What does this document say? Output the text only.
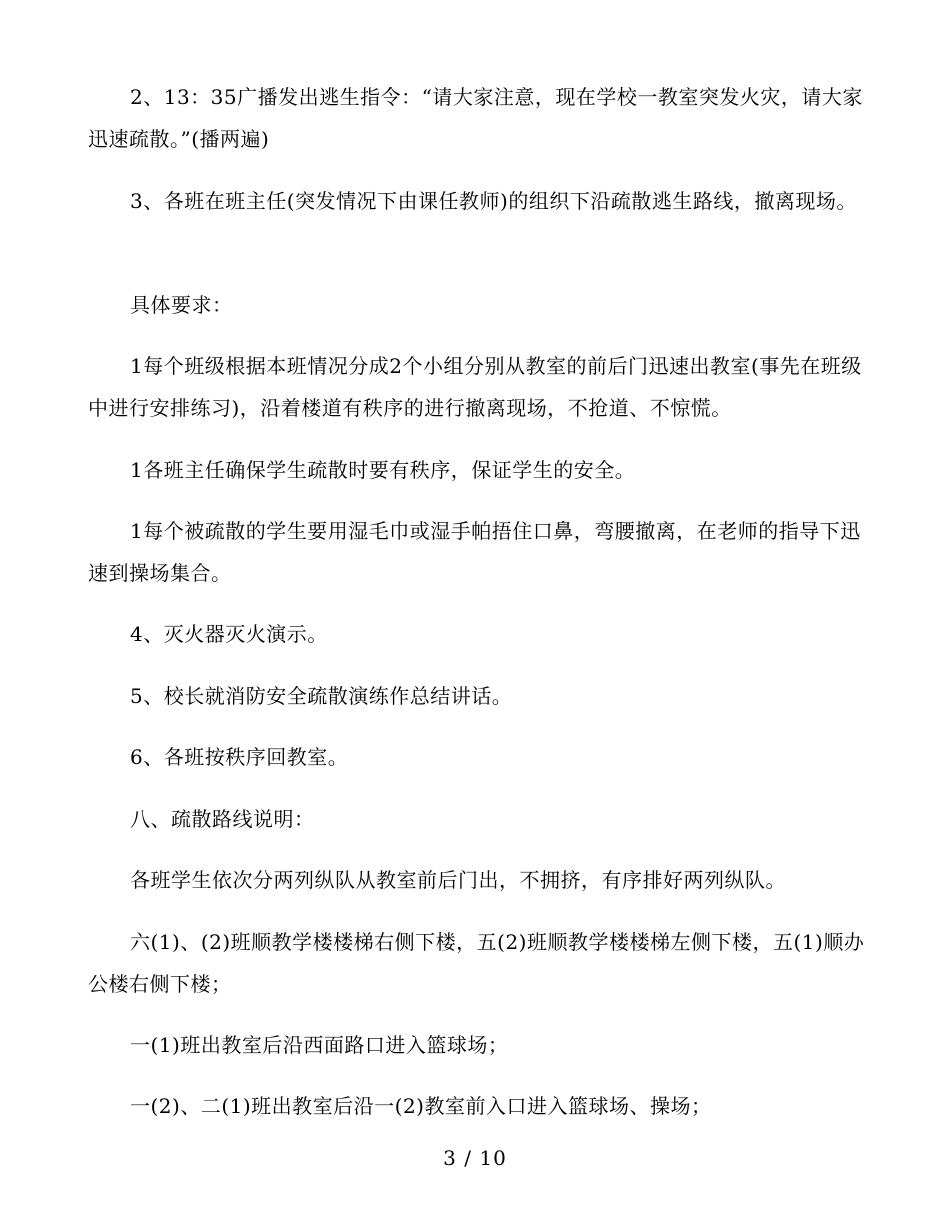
2、13：35广播发出逃生指令：“请大家注意，现在学校一教室突发火灾，请大家迅速疏散。”(播两遍)

3、各班在班主任(突发情况下由课任教师)的组织下沿疏散逃生路线，撤离现场。

具体要求：

1每个班级根据本班情况分成2个小组分别从教室的前后门迅速出教室(事先在班级中进行安排练习)，沿着楼道有秩序的进行撤离现场，不抢道、不惊慌。

1各班主任确保学生疏散时要有秩序，保证学生的安全。

1每个被疏散的学生要用湿毛巾或湿手帕捂住口鼻，弯腰撤离，在老师的指导下迅速到操场集合。

4、灭火器灭火演示。

5、校长就消防安全疏散演练作总结讲话。

6、各班按秩序回教室。

八、疏散路线说明：

各班学生依次分两列纵队从教室前后门出，不拥挤，有序排好两列纵队。

六(1)、(2)班顺教学楼楼梯右侧下楼，五(2)班顺教学楼楼梯左侧下楼，五(1)顺办公楼右侧下楼；

一(1)班出教室后沿西面路口进入篮球场；

一(2)、二(1)班出教室后沿一(2)教室前入口进入篮球场、操场；

3 / 10
